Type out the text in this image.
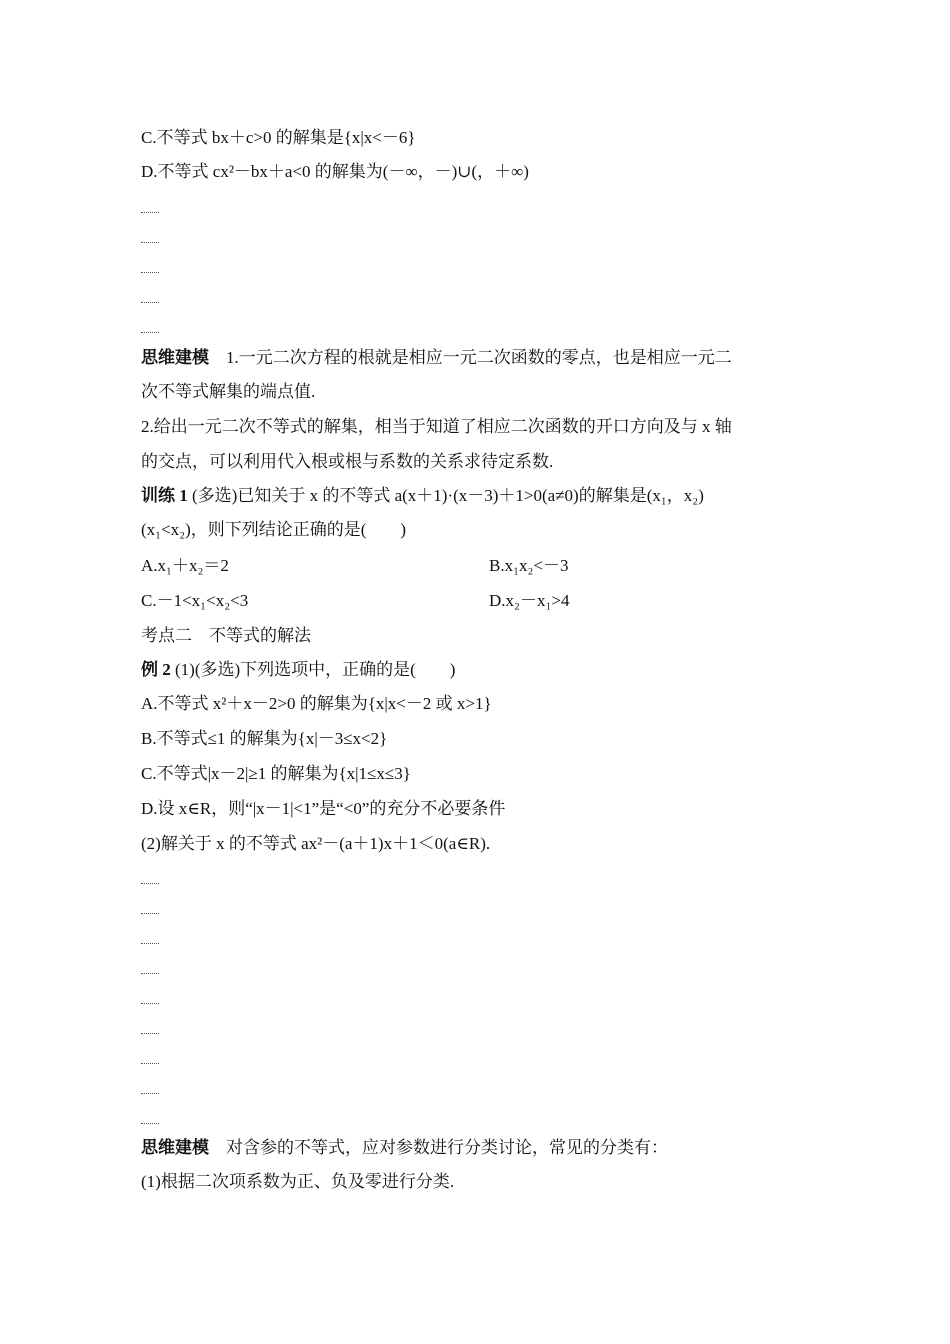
C.不等式 bx＋c>0 的解集是{x|x<－6}
D.不等式 cx²－bx＋a<0 的解集为(－∞，－)∪(，＋∞)
思维建模 1.一元二次方程的根就是相应一元二次函数的零点，也是相应一元二
次不等式解集的端点值.
2.给出一元二次不等式的解集，相当于知道了相应二次函数的开口方向及与 x 轴
的交点，可以利用代入根或根与系数的关系求待定系数.
训练 1 (多选)已知关于 x 的不等式 a(x＋1)·(x－3)＋1>0(a≠0)的解集是(x₁，x₂)
(x₁<x₂)，则下列结论正确的是(　　)
A.x₁＋x₂＝2	B.x₁x₂<－3
C.－1<x₁<x₂<3	D.x₂－x₁>4
考点二　不等式的解法
例 2 (1)(多选)下列选项中，正确的是(　　)
A.不等式 x²＋x－2>0 的解集为{x|x<－2 或 x>1}
B.不等式≤1 的解集为{x|－3≤x<2}
C.不等式|x－2|≥1 的解集为{x|1≤x≤3}
D.设 x∈R，则“|x－1|<1”是“<0”的充分不必要条件
(2)解关于 x 的不等式 ax²－(a＋1)x＋1＜0(a∈R).
思维建模 对含参的不等式，应对参数进行分类讨论，常见的分类有：
(1)根据二次项系数为正、负及零进行分类.
